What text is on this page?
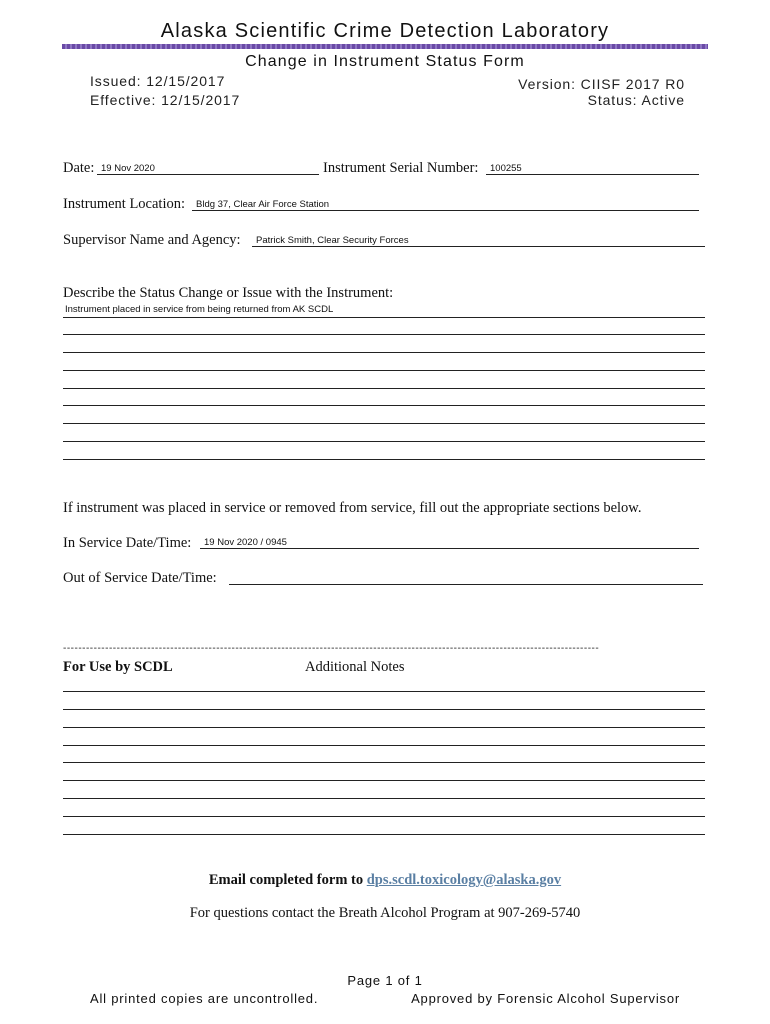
Alaska Scientific Crime Detection Laboratory
Change in Instrument Status Form
Issued: 12/15/2017
Effective: 12/15/2017
Version: CIISF 2017 R0
Status: Active
Date: 19 Nov 2020	Instrument Serial Number:	100255
Instrument Location:	Bldg 37, Clear Air Force Station
Supervisor Name and Agency:	Patrick Smith, Clear Security Forces
Describe the Status Change or Issue with the Instrument:
Instrument placed in service from being returned from AK SCDL
If instrument was placed in service or removed from service, fill out the appropriate sections below.
In Service Date/Time:	19 Nov 2020 / 0945
Out of Service Date/Time:
--------------------------------------------------------------------------------------------------------------------------------------------
For Use by SCDL	Additional Notes
Email completed form to dps.scdl.toxicology@alaska.gov
For questions contact the Breath Alcohol Program at 907-269-5740
Page 1 of 1
All printed copies are uncontrolled.	Approved by Forensic Alcohol Supervisor
